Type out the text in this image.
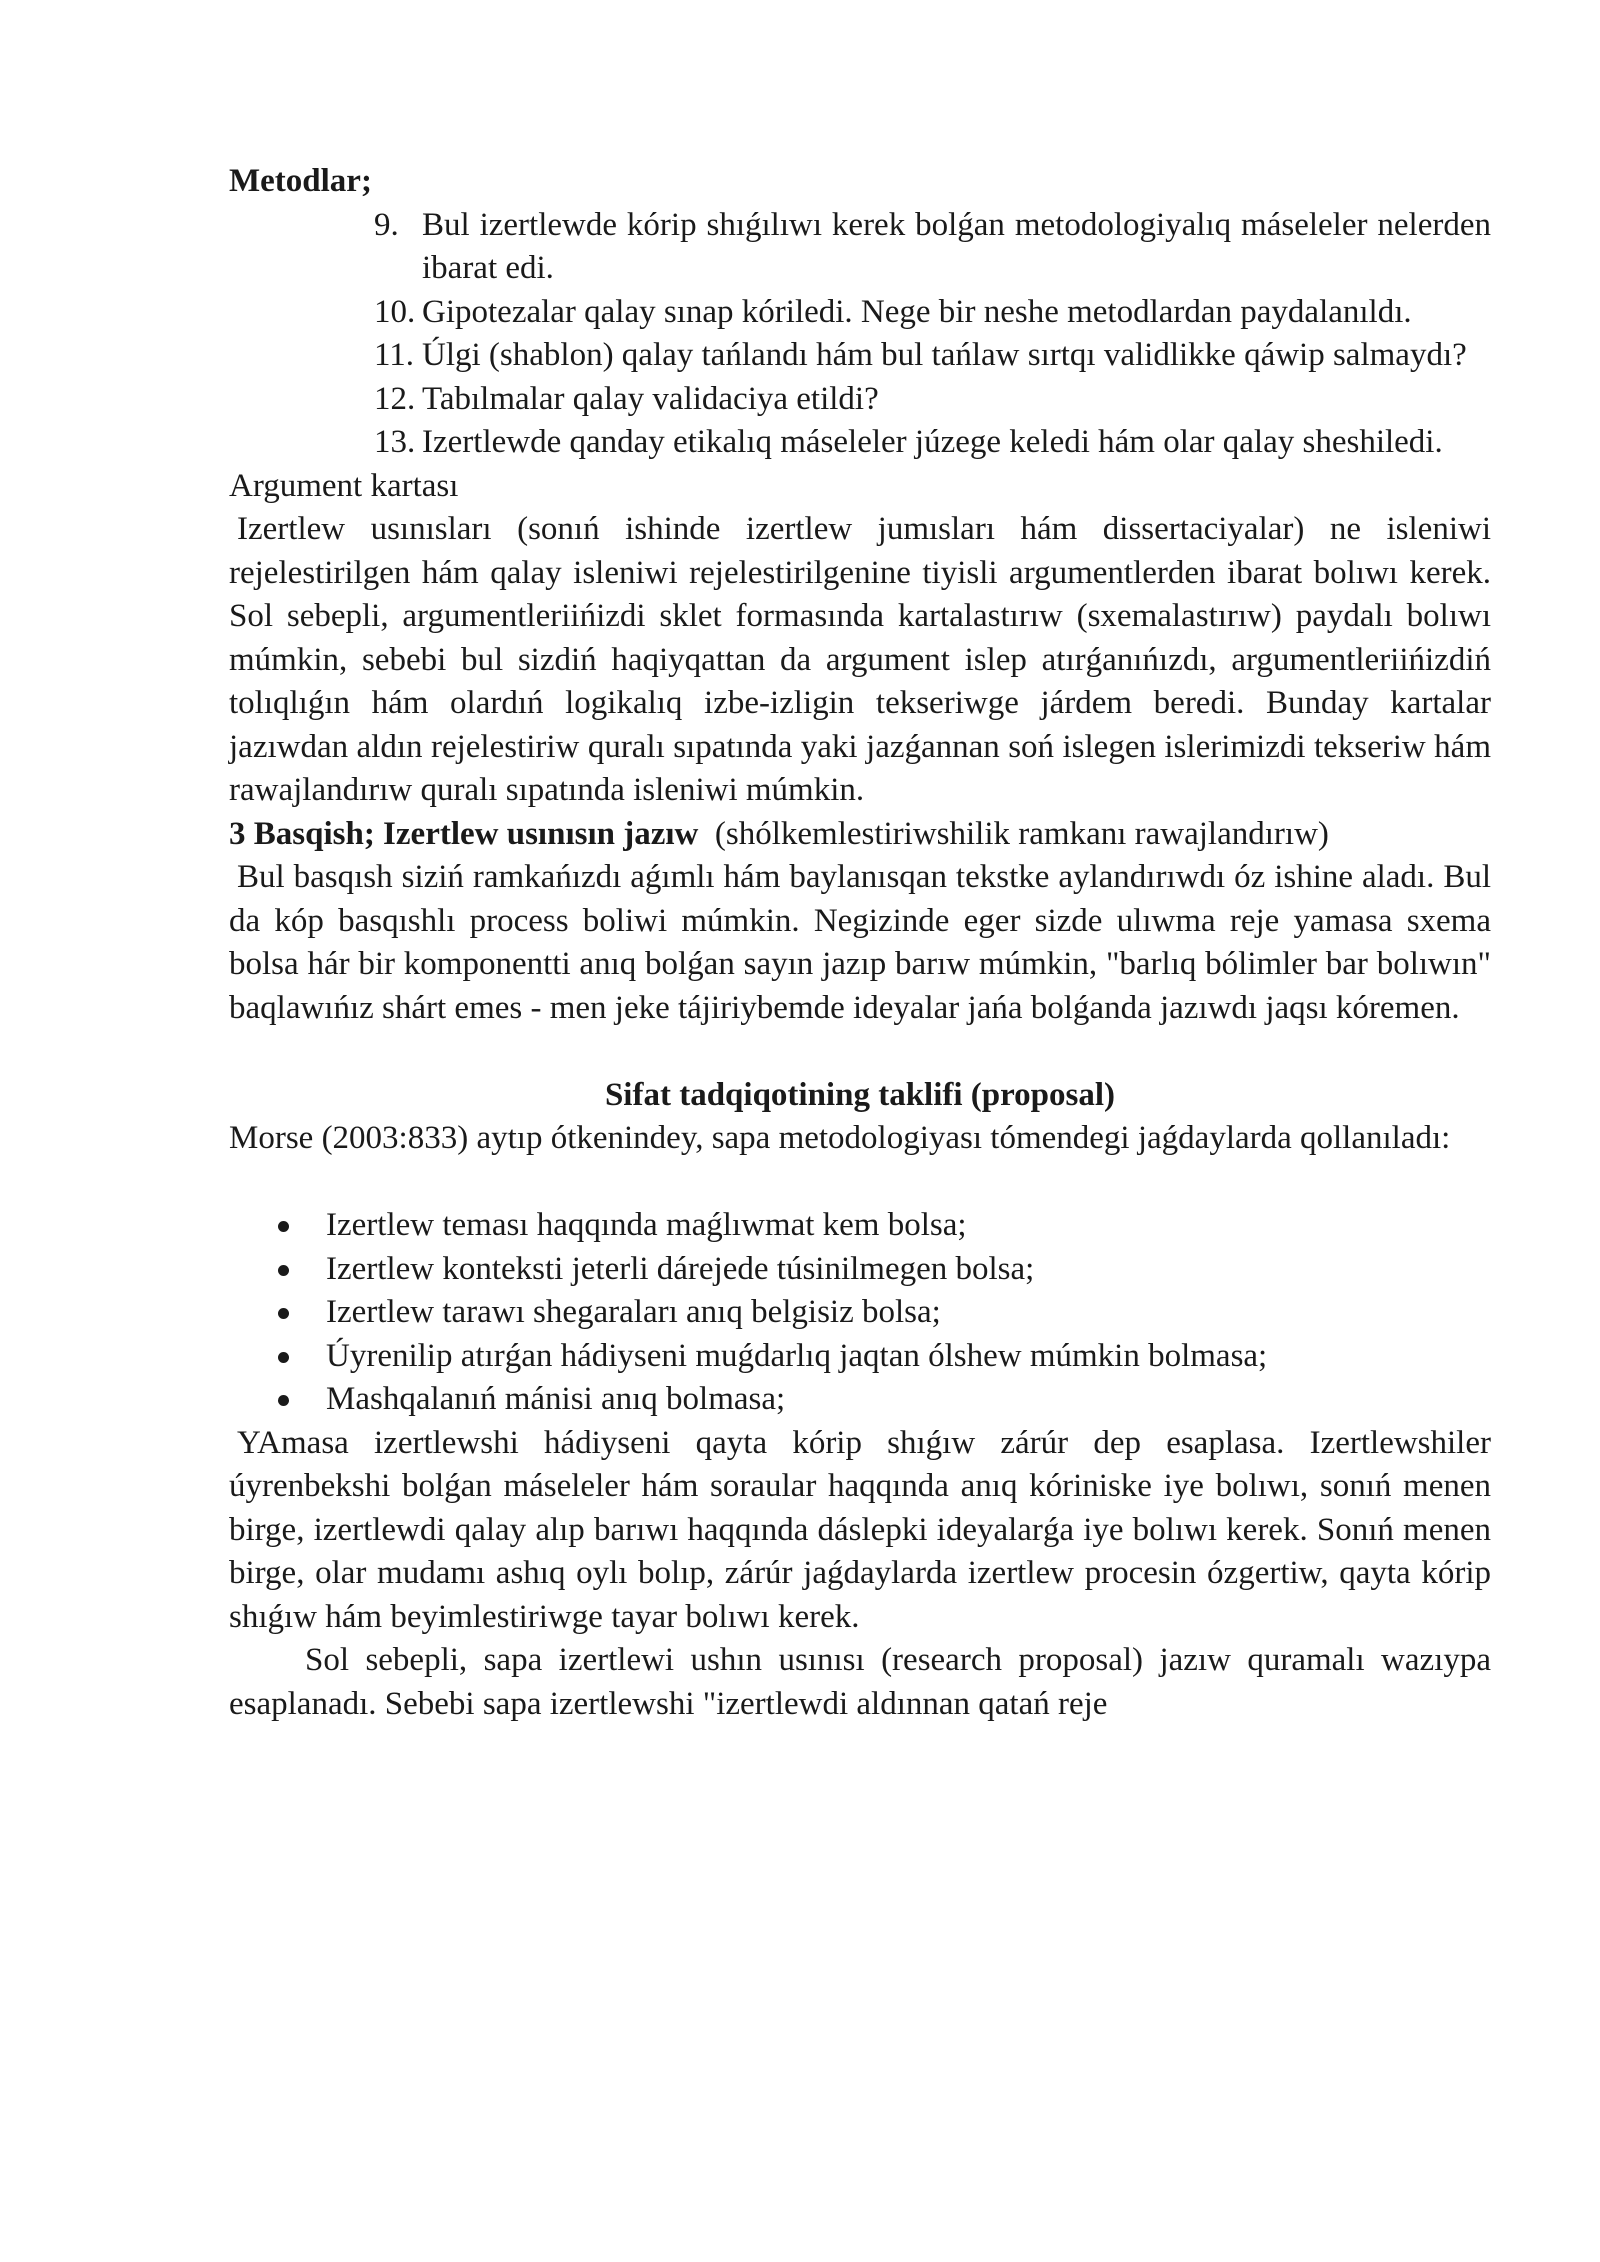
Metodlar;

9. Bul izertlewde kórip shıǵılıwı kerek bolǵan metodologiyalıq máseleler nelerden ibarat edi.
10. Gipotezalar qalay sınap kóriledi. Nege bir neshe metodlardan paydalanıldı.
11. Úlgi (shablon) qalay tańlandı hám bul tańlaw sırtqı validlikke qáwip salmaydı?
12. Tabılmalar qalay validaciya etildi?
13. Izertlewde qanday etikalıq máseleler júzege keledi hám olar qalay sheshiledi.

Argument kartası

Izertlew usınısları (sonıń ishinde izertlew jumısları hám dissertaciyalar) ne isleniwi rejelestirilgen hám qalay isleniwi rejelestirilgenine tiyisli argumentlerden ibarat bolıwı kerek. Sol sebepli, argumentleriińizdi sklet formasında kartalastırıw (sxemalastırıw) paydalı bolıwı múmkin, sebebi bul sizdiń haqiyqattan da argument islep atırǵanıńızdı, argumentleriińizdiń tolıqlıǵın hám olardıń logikalıq izbe-izligin tekseriwge járdem beredi. Bunday kartalar jazıwdan aldın rejelestiriw quralı sıpatında yaki jazǵannan soń islegen islerimizdi tekseriw hám rawajlandırıw quralı sıpatında isleniwi múmkin.

3 Basqish; Izertlew usınısın jazıw (shólkemlestiriwshilik ramkanı rawajlandırıw)

Bul basqısh siziń ramkańızdı aǵımlı hám baylanısqan tekstke aylandırıwdı óz ishine aladı. Bul da kóp basqıshlı process boliwi múmkin. Negizinde eger sizde ulıwma reje yamasa sxema bolsa hár bir komponentti anıq bolǵan sayın jazıp barıw múmkin, "barlıq bólimler bar bolıwın" baqlawıńız shárt emes - men jeke tájiriybemde ideyalar jańa bolǵanda jazıwdı jaqsı kóremen.

Sifat tadqiqotining taklifi (proposal)

Morse (2003:833) aytıp ótkenindey, sapa metodologiyası tómendegi jaǵdaylarda qollanıladı:

Izertlew teması haqqında maǵlıwmat kem bolsa;
Izertlew konteksti jeterli dárejede túsinilmegen bolsa;
Izertlew tarawı shegaraları anıq belgisiz bolsa;
Úyrenilip atırǵan hádiyseni muǵdarlıq jaqtan ólshew múmkin bolmasa;
Mashqalanıń mánisi anıq bolmasa;

YAmasa izertlewshi hádiyseni qayta kórip shıǵıw zárúr dep esaplasa. Izertlewshiler úyrenbekshi bolǵan máseleler hám soraular haqqında anıq kóriniske iye bolıwı, sonıń menen birge, izertlewdi qalay alıp barıwı haqqında dáslepki ideyalarǵa iye bolıwı kerek. Sonıń menen birge, olar mudamı ashıq oylı bolıp, zárúr jaǵdaylarda izertlew procesin ózgertiw, qayta kórip shıǵıw hám beyimlestiriwge tayar bolıwı kerek.

Sol sebepli, sapa izertlewi ushın usınısı (research proposal) jazıw quramalı wazıypa esaplanadı. Sebebi sapa izertlewshi "izertlewdi aldınnan qatań reje
